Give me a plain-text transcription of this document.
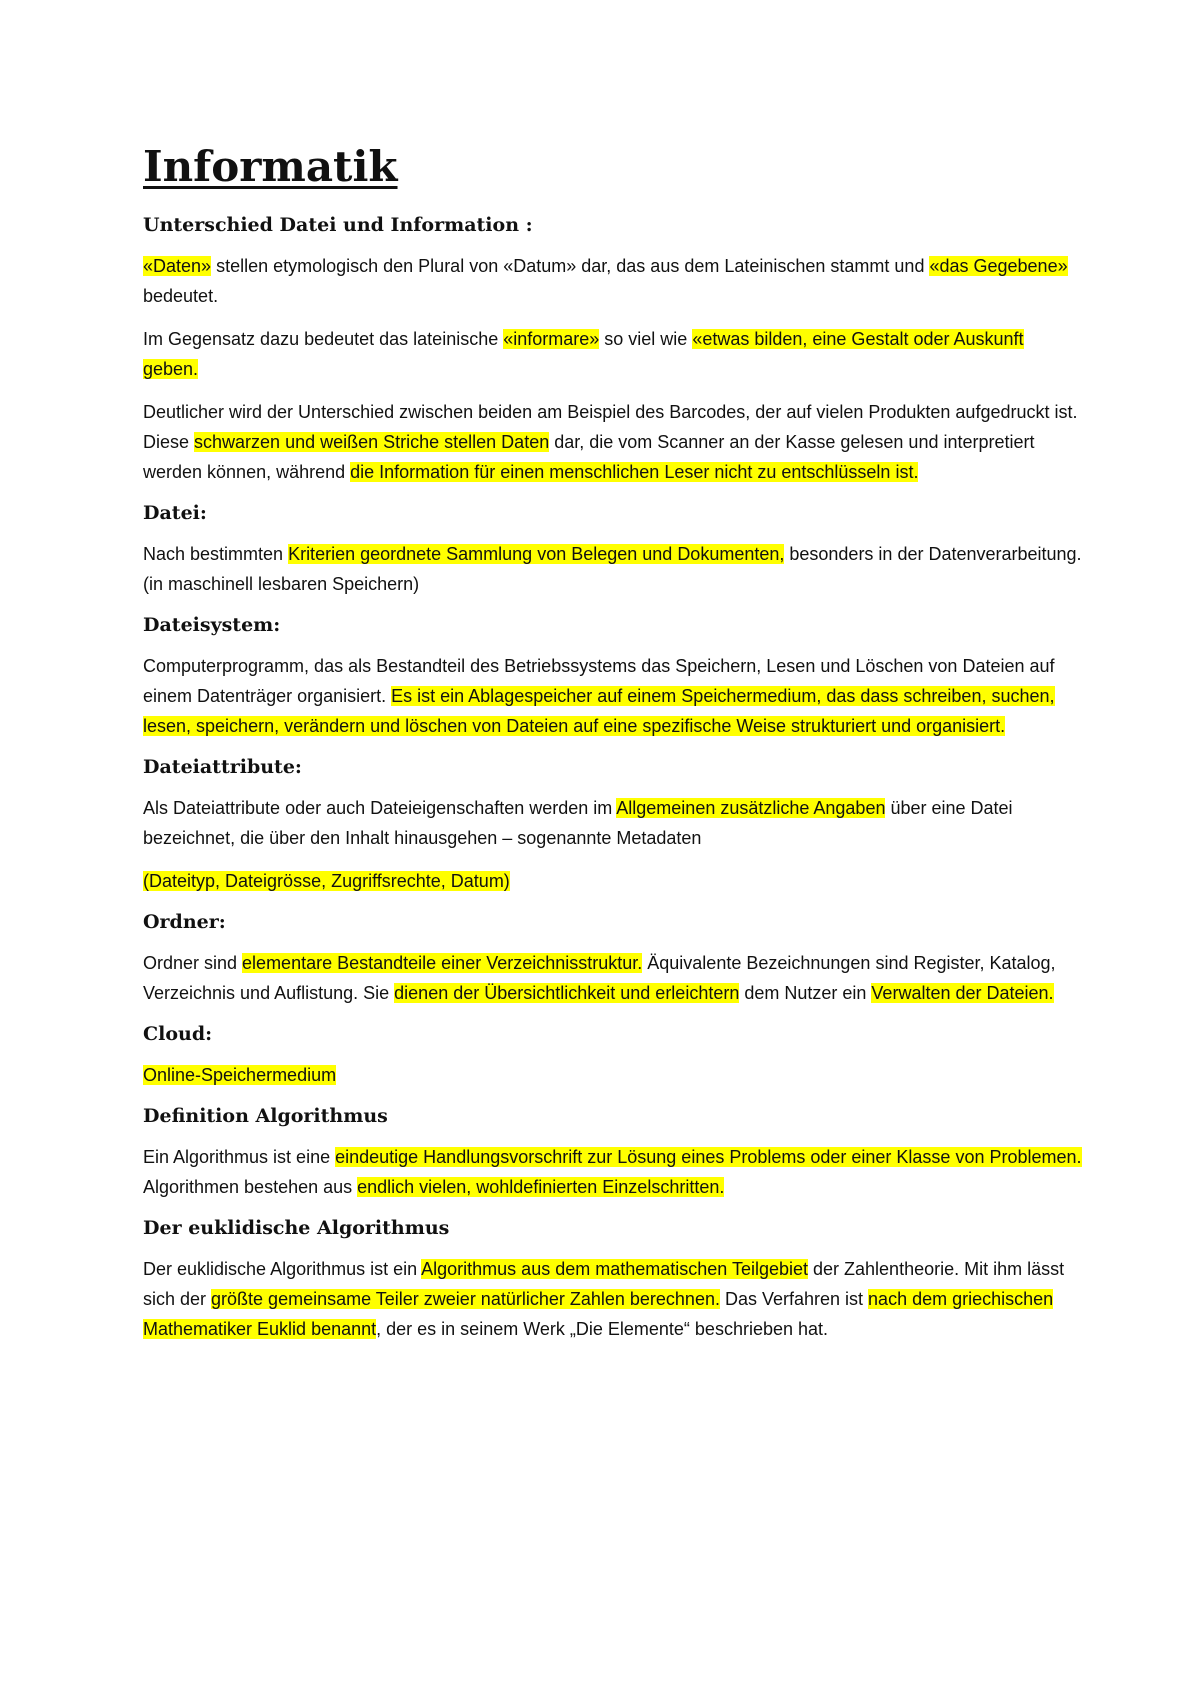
Informatik
Unterschied Datei und Information :

«Daten» stellen etymologisch den Plural von «Datum» dar, das aus dem Lateinischen stammt und «das Gegebene» bedeutet.

Im Gegensatz dazu bedeutet das lateinische «informare» so viel wie «etwas bilden, eine Gestalt oder Auskunft geben.

Deutlicher wird der Unterschied zwischen beiden am Beispiel des Barcodes, der auf vielen Produkten aufgedruckt ist. Diese schwarzen und weißen Striche stellen Daten dar, die vom Scanner an der Kasse gelesen und interpretiert werden können, während die Information für einen menschlichen Leser nicht zu entschlüsseln ist.

Datei:

Nach bestimmten Kriterien geordnete Sammlung von Belegen und Dokumenten, besonders in der Datenverarbeitung. (in maschinell lesbaren Speichern)

Dateisystem:

Computerprogramm, das als Bestandteil des Betriebssystems das Speichern, Lesen und Löschen von Dateien auf einem Datenträger organisiert. Es ist ein Ablagespeicher auf einem Speichermedium, das dass schreiben, suchen, lesen, speichern, verändern und löschen von Dateien auf eine spezifische Weise strukturiert und organisiert.

Dateiattribute:

Als Dateiattribute oder auch Dateieigenschaften werden im Allgemeinen zusätzliche Angaben über eine Datei bezeichnet, die über den Inhalt hinausgehen – sogenannte Metadaten

(Dateityp, Dateigrösse, Zugriffsrechte, Datum)

Ordner:

Ordner sind elementare Bestandteile einer Verzeichnisstruktur. Äquivalente Bezeichnungen sind Register, Katalog, Verzeichnis und Auflistung. Sie dienen der Übersichtlichkeit und erleichtern dem Nutzer ein Verwalten der Dateien.

Cloud:

Online-Speichermedium

Definition Algorithmus

Ein Algorithmus ist eine eindeutige Handlungsvorschrift zur Lösung eines Problems oder einer Klasse von Problemen. Algorithmen bestehen aus endlich vielen, wohldefinierten Einzelschritten.

Der euklidische Algorithmus

Der euklidische Algorithmus ist ein Algorithmus aus dem mathematischen Teilgebiet der Zahlentheorie. Mit ihm lässt sich der größte gemeinsame Teiler zweier natürlicher Zahlen berechnen. Das Verfahren ist nach dem griechischen Mathematiker Euklid benannt, der es in seinem Werk „Die Elemente“ beschrieben hat.
